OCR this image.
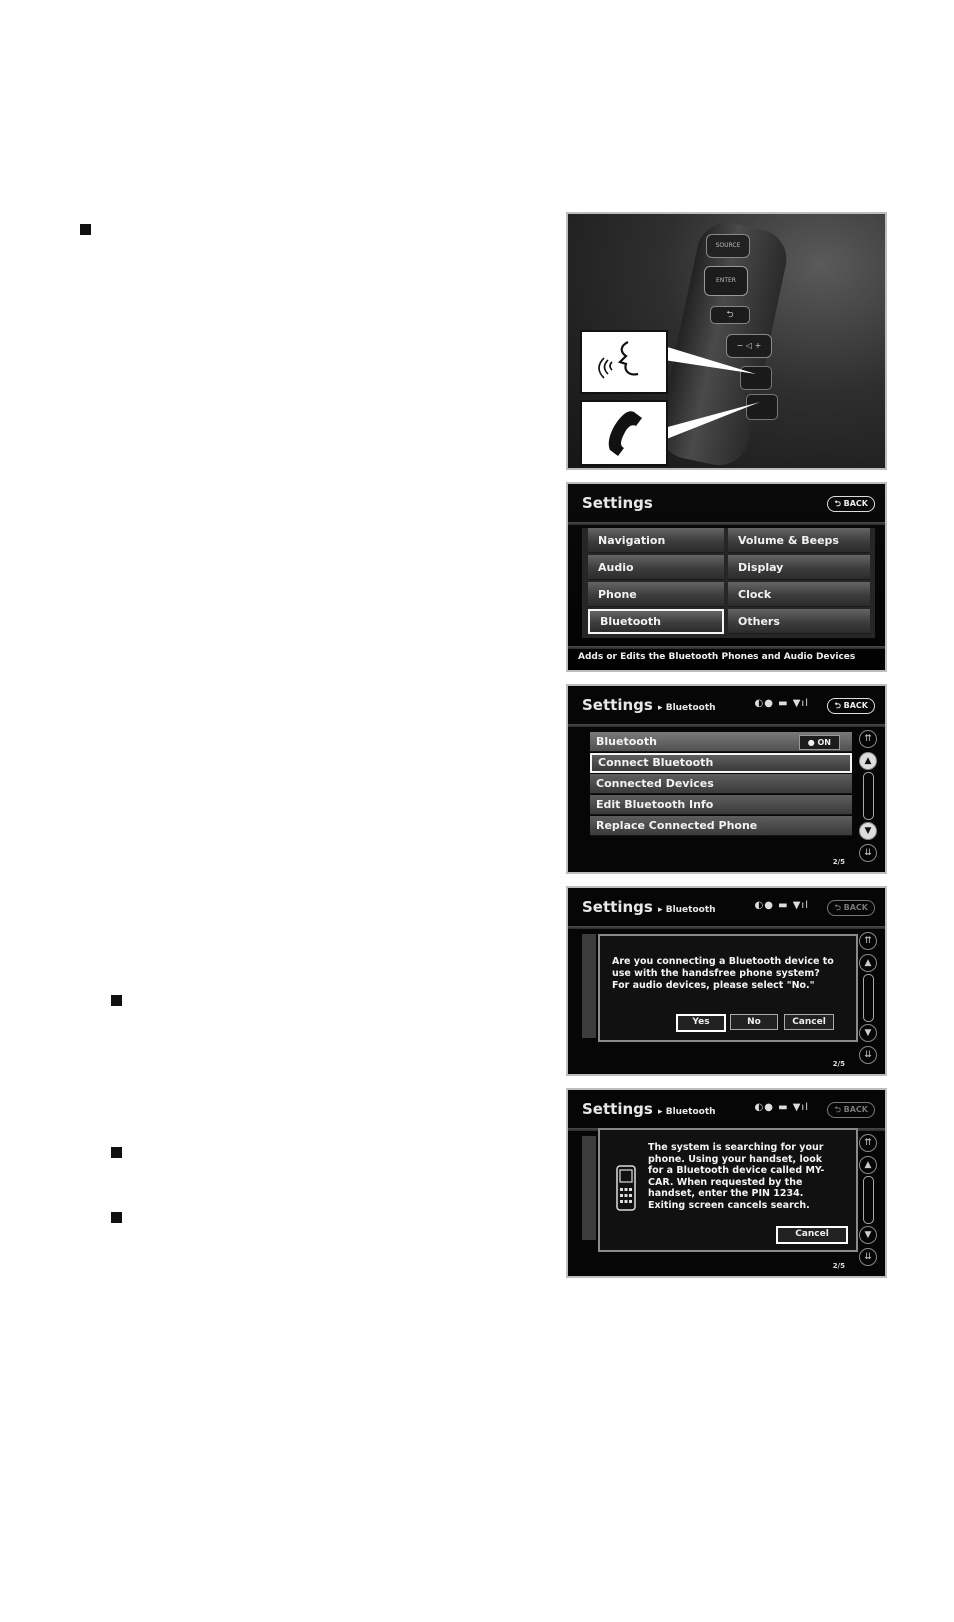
SOURCE
ENTER
⮌
− ◁ +
Settings	⮌ BACK
Navigation
Audio
Phone
Bluetooth
Volume & Beeps
Display
Clock
Others
Adds or Edits the Bluetooth Phones and Audio Devices
Settings ▸ Bluetooth	◐● ▬ ▼ıl	⮌ BACK
Bluetooth	● ON
Connect Bluetooth
Connected Devices
Edit Bluetooth Info
Replace Connected Phone
⇈
▲
▼
⇊
2/5
Settings ▸ Bluetooth	◐● ▬ ▼ıl	⮌ BACK
⇈
▲
▼
⇊
Are you connecting a Bluetooth device to
use with the handsfree phone system?
For audio devices, please select "No."
Yes	No	Cancel
2/5
Settings ▸ Bluetooth	◐● ▬ ▼ıl	⮌ BACK
⇈
▲
▼
⇊
The system is searching for your
phone. Using your handset, look
for a Bluetooth device called MY-
CAR. When requested by the
handset, enter the PIN 1234.
Exiting screen cancels search.
Cancel
2/5
